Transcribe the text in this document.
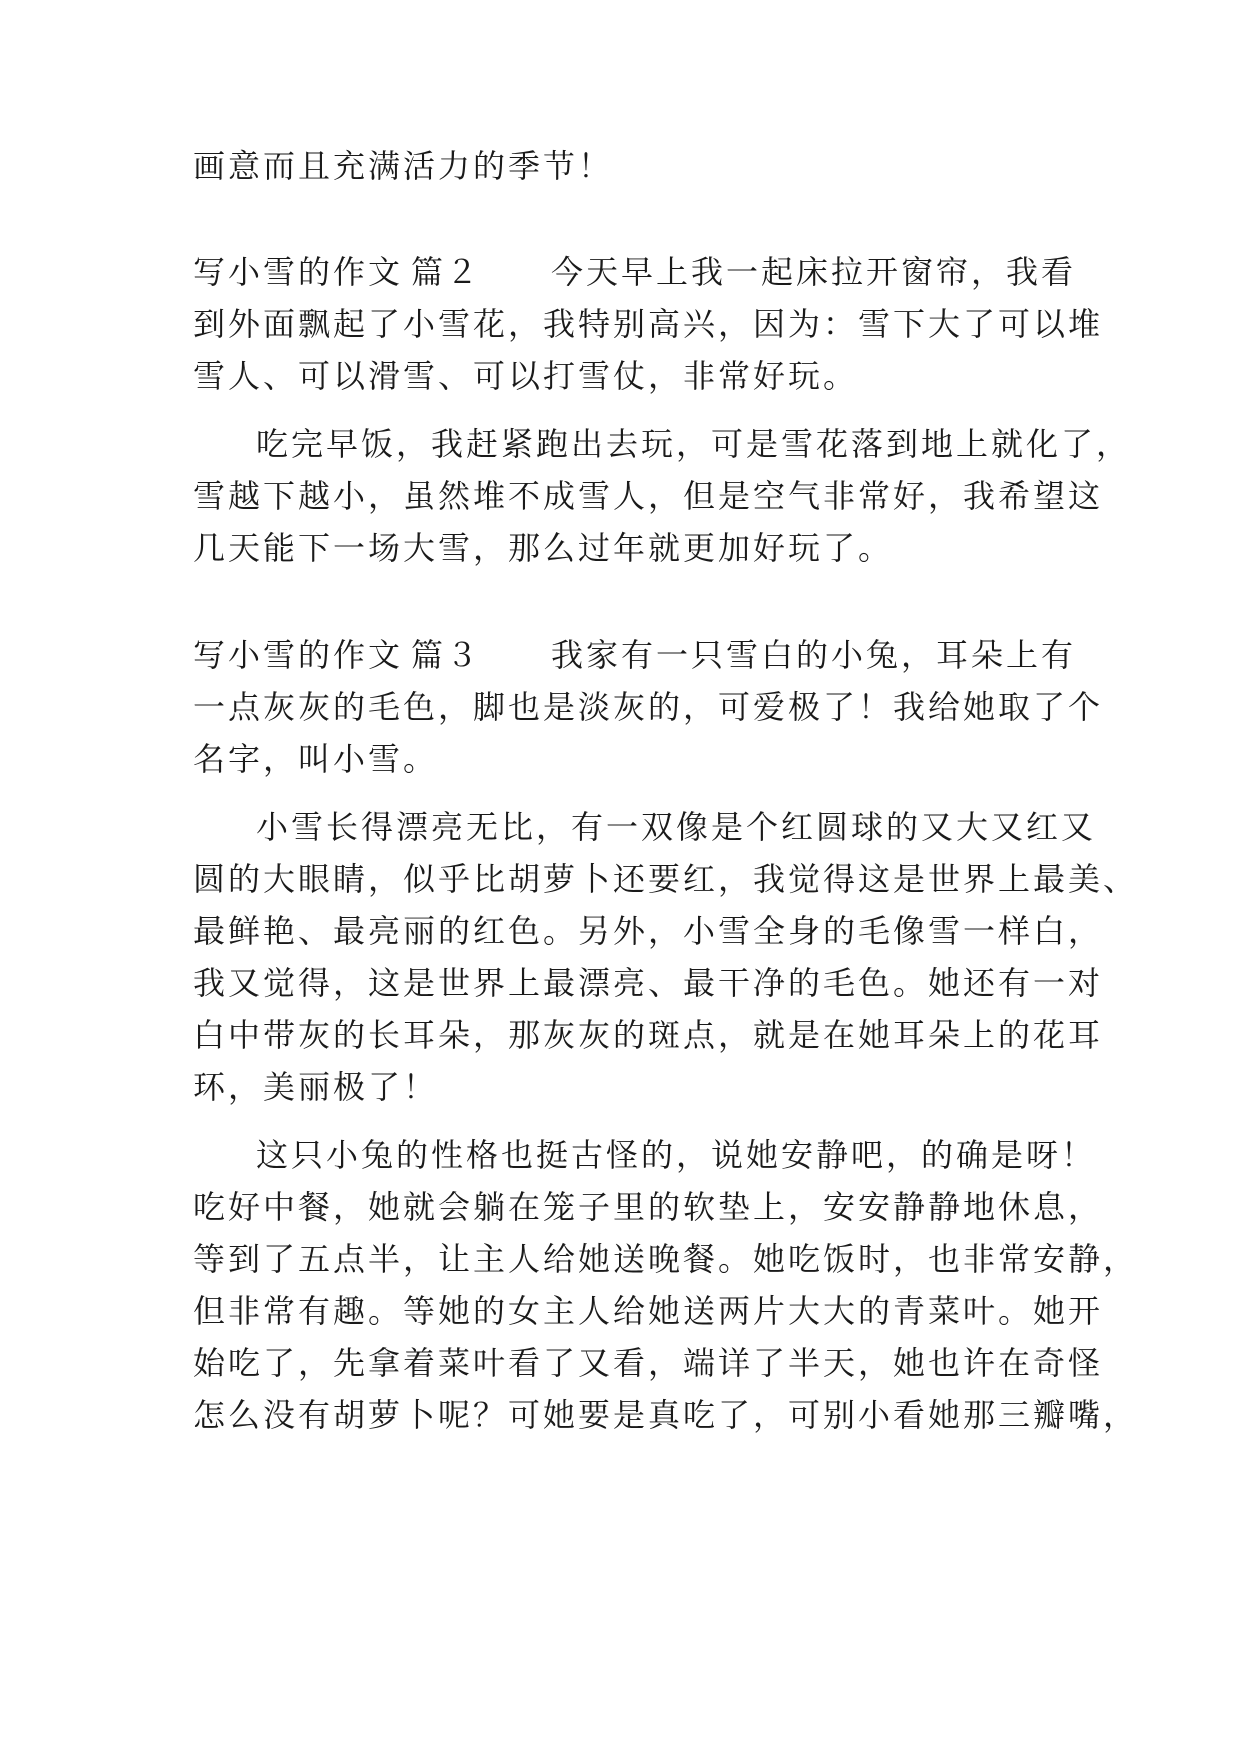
画意而且充满活力的季节！
写小雪的作文 篇２ 今天早上我一起床拉开窗帘，我看
到外面飘起了小雪花，我特别高兴，因为：雪下大了可以堆
雪人、可以滑雪、可以打雪仗，非常好玩。
吃完早饭，我赶紧跑出去玩，可是雪花落到地上就化了，
雪越下越小，虽然堆不成雪人，但是空气非常好，我希望这
几天能下一场大雪，那么过年就更加好玩了。
写小雪的作文 篇３ 我家有一只雪白的小兔，耳朵上有
一点灰灰的毛色，脚也是淡灰的，可爱极了！我给她取了个
名字，叫小雪。
小雪长得漂亮无比，有一双像是个红圆球的又大又红又
圆的大眼睛，似乎比胡萝卜还要红，我觉得这是世界上最美、
最鲜艳、最亮丽的红色。另外，小雪全身的毛像雪一样白，
我又觉得，这是世界上最漂亮、最干净的毛色。她还有一对
白中带灰的长耳朵，那灰灰的斑点，就是在她耳朵上的花耳
环，美丽极了！
这只小兔的性格也挺古怪的，说她安静吧，的确是呀！
吃好中餐，她就会躺在笼子里的软垫上，安安静静地休息，
等到了五点半，让主人给她送晚餐。她吃饭时，也非常安静，
但非常有趣。等她的女主人给她送两片大大的青菜叶。她开
始吃了，先拿着菜叶看了又看，端详了半天，她也许在奇怪
怎么没有胡萝卜呢？可她要是真吃了，可别小看她那三瓣嘴，
